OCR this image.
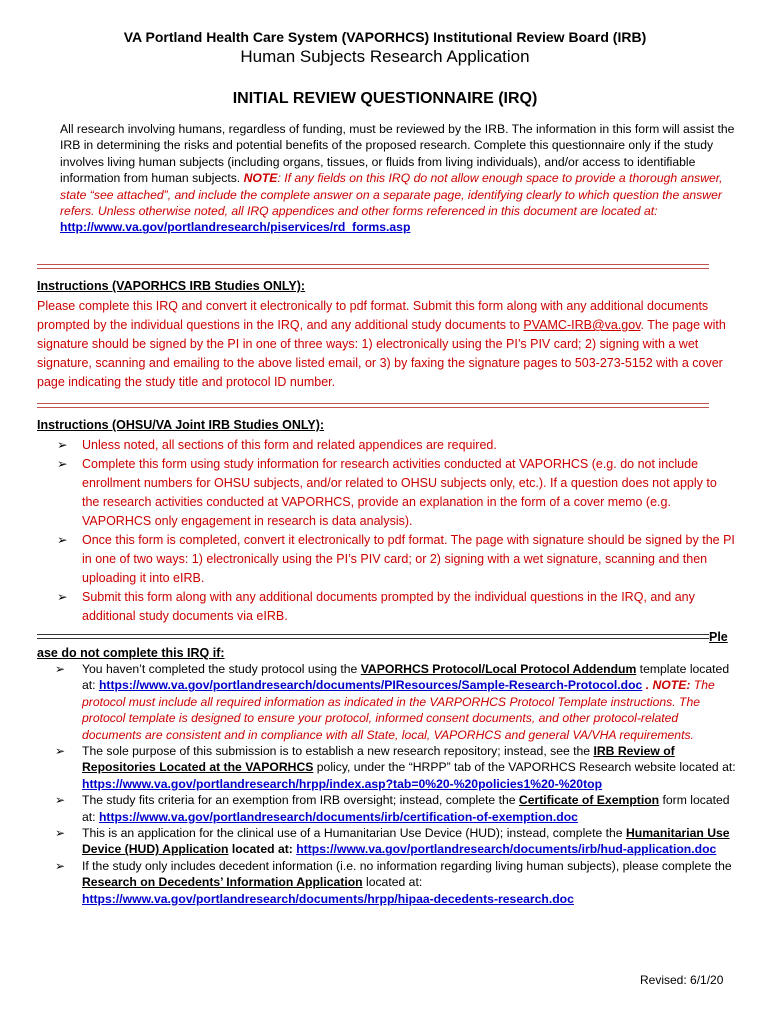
VA Portland Health Care System (VAPORHCS) Institutional Review Board (IRB)
Human Subjects Research Application
INITIAL REVIEW QUESTIONNAIRE (IRQ)
All research involving humans, regardless of funding, must be reviewed by the IRB. The information in this form will assist the IRB in determining the risks and potential benefits of the proposed research. Complete this questionnaire only if the study involves living human subjects (including organs, tissues, or fluids from living individuals), and/or access to identifiable information from human subjects. NOTE: If any fields on this IRQ do not allow enough space to provide a thorough answer, state “see attached”, and include the complete answer on a separate page, identifying clearly to which question the answer refers. Unless otherwise noted, all IRQ appendices and other forms referenced in this document are located at:
http://www.va.gov/portlandresearch/piservices/rd_forms.asp
Instructions (VAPORHCS IRB Studies ONLY):
Please complete this IRQ and convert it electronically to pdf format. Submit this form along with any additional documents prompted by the individual questions in the IRQ, and any additional study documents to PVAMC-IRB@va.gov. The page with signature should be signed by the PI in one of three ways: 1) electronically using the PI’s PIV card; 2) signing with a wet signature, scanning and emailing to the above listed email, or 3) by faxing the signature pages to 503-273-5152 with a cover page indicating the study title and protocol ID number.
Instructions (OHSU/VA Joint IRB Studies ONLY):
➢ Unless noted, all sections of this form and related appendices are required.
➢ Complete this form using study information for research activities conducted at VAPORHCS (e.g. do not include enrollment numbers for OHSU subjects, and/or related to OHSU subjects only, etc.). If a question does not apply to the research activities conducted at VAPORHCS, provide an explanation in the form of a cover memo (e.g. VAPORHCS only engagement in research is data analysis).
➢ Once this form is completed, convert it electronically to pdf format. The page with signature should be signed by the PI in one of two ways: 1) electronically using the PI’s PIV card; or 2) signing with a wet signature, scanning and then uploading it into eIRB.
➢ Submit this form along with any additional documents prompted by the individual questions in the IRQ, and any additional study documents via eIRB.
Ple
ase do not complete this IRQ if:
➢ You haven’t completed the study protocol using the VAPORHCS Protocol/Local Protocol Addendum template located at: https://www.va.gov/portlandresearch/documents/PIResources/Sample-Research-Protocol.doc . NOTE: The protocol must include all required information as indicated in the VARPORHCS Protocol Template instructions. The protocol template is designed to ensure your protocol, informed consent documents, and other protocol-related documents are consistent and in compliance with all State, local, VAPORHCS and general VA/VHA requirements.
➢ The sole purpose of this submission is to establish a new research repository; instead, see the IRB Review of Repositories Located at the VAPORHCS policy, under the “HRPP” tab of the VAPORHCS Research website located at: https://www.va.gov/portlandresearch/hrpp/index.asp?tab=0%20-%20policies1%20-%20top
➢ The study fits criteria for an exemption from IRB oversight; instead, complete the Certificate of Exemption form located at: https://www.va.gov/portlandresearch/documents/irb/certification-of-exemption.doc
➢ This is an application for the clinical use of a Humanitarian Use Device (HUD); instead, complete the Humanitarian Use Device (HUD) Application located at: https://www.va.gov/portlandresearch/documents/irb/hud-application.doc
➢ If the study only includes decedent information (i.e. no information regarding living human subjects), please complete the Research on Decedents’ Information Application located at: https://www.va.gov/portlandresearch/documents/hrpp/hipaa-decedents-research.doc
Revised: 6/1/20
